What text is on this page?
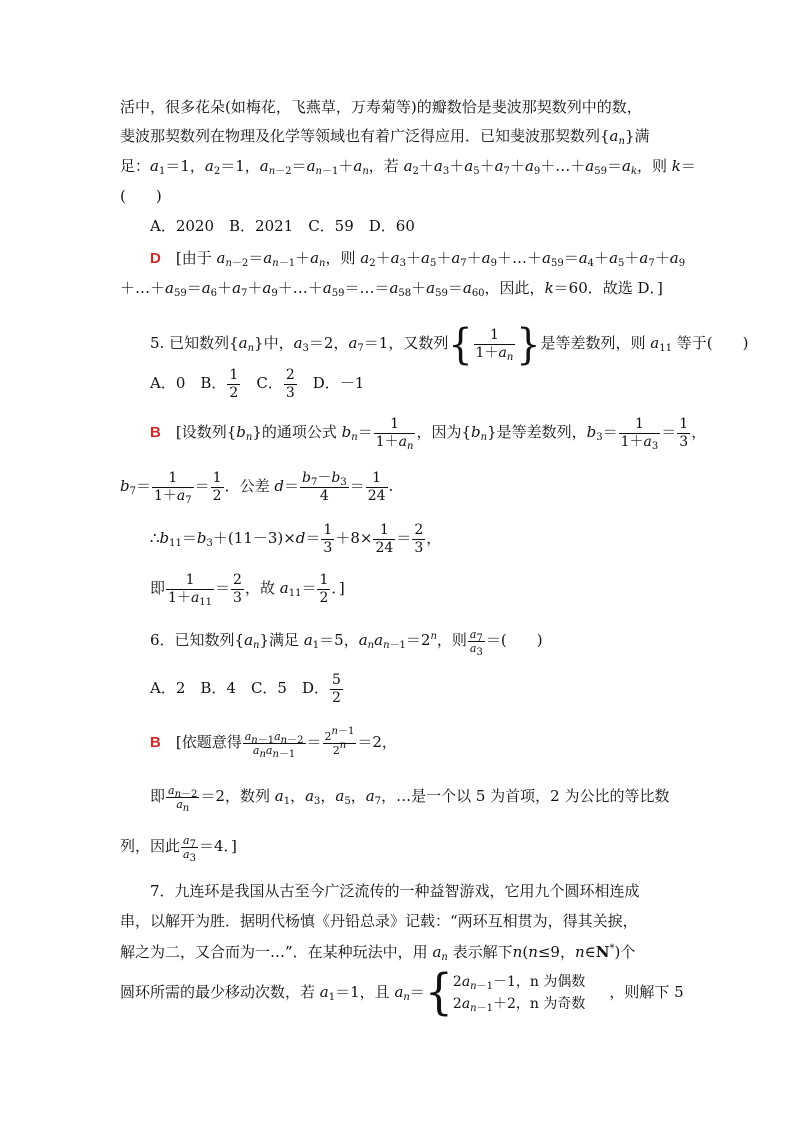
活中，很多花朵(如梅花，飞燕草，万寿菊等)的瓣数恰是斐波那契数列中的数，
斐波那契数列在物理及化学等领域也有着广泛得应用．已知斐波那契数列$\{a_n\}$满
足：$a_1=1$，$a_2=1$，$a_{n-2}=a_{n-1}+a_n$，若 $a_2+a_3+a_5+a_7+a_9+\dots+a_{59}=a_k$，则 k＝
(　　)
A．2020　B．2021　C．59　D．60
D　 [由于 $a_{n-2}=a_{n-1}+a_n$，则 $a_2+a_3+a_5+a_7+a_9+\dots+a_{59}=a_4+a_5+a_7+a_9$
$+\dots+a_{59}=a_6+a_7+a_9+\dots+a_{59}=\dots=a_{58}+a_{59}=a_{60}$，因此，k＝60．故选 D．]
5. 已知数列$\{a_n\}$中，$a_3=2$，$a_7=1$，又数列{ $\frac{1}{1+a_n}$ }是等差数列，则 $a_{11}$ 等于(　　)
A．0　B． $\frac{1}{2}$
　 C． $\frac{2}{3}$
　 D．－1
B　 [设数列$\{b_n\}$的通项公式 $b_n= \frac{1}{1+a_n}$ ，因为$\{b_n\}$是等差数列，$b_3= \frac{1}{1+a_3} = \frac{1}{3}$ ，
$b_7= \frac{1}{1+a_7} = \frac{1}{2}$ ．公差 $d= \frac{b_7-b_3}{4} = \frac{1}{24}$ .
$\therefore b_{11}=b_3+(11-3)\times d= \frac{1}{3} +8\times \frac{1}{24} = \frac{2}{3}$ ，
即 $\frac{1}{1+a_{11}} = \frac{2}{3}$ ，故 $a_{11}= \frac{1}{2}$ ．]
6．已知数列$\{a_n\}$满足 $a_1=5$，$a_na_{n-1}=2^n$，则 $\frac{a_7}{a_3}$ ＝(　　)
A．2　B．4　C．5　D． $\frac{5}{2}$
B　 [依题意得 $\frac{a_{n-1}a_{n-2}}{a_na_{n-1}} = \frac{2^{n-1}}{2^n} =2$，
即 $\frac{a_{n-2}}{a_n} =2$，数列 $a_1$，$a_3$，$a_5$，$a_7$，…是一个以 5 为首项，2 为公比的等比数
列，因此 $\frac{a_7}{a_3} =4$．]
7．九连环是我国从古至今广泛流传的一种益智游戏，它用九个圆环相连成
串，以解开为胜．据明代杨慎《丹铅总录》记载：“两环互相贯为，得其关捩，
解之为二，又合而为一…”．在某种玩法中，用 $a_n$ 表示解下n(n≤9，n∈N*)个
圆环所需的最少移动次数，若 $a_1=1$，且 $a_n=${ $2a_{n-1}-1$，n 为偶数
$2a_{n-1}+2$，n 为奇数
，则解下 5
